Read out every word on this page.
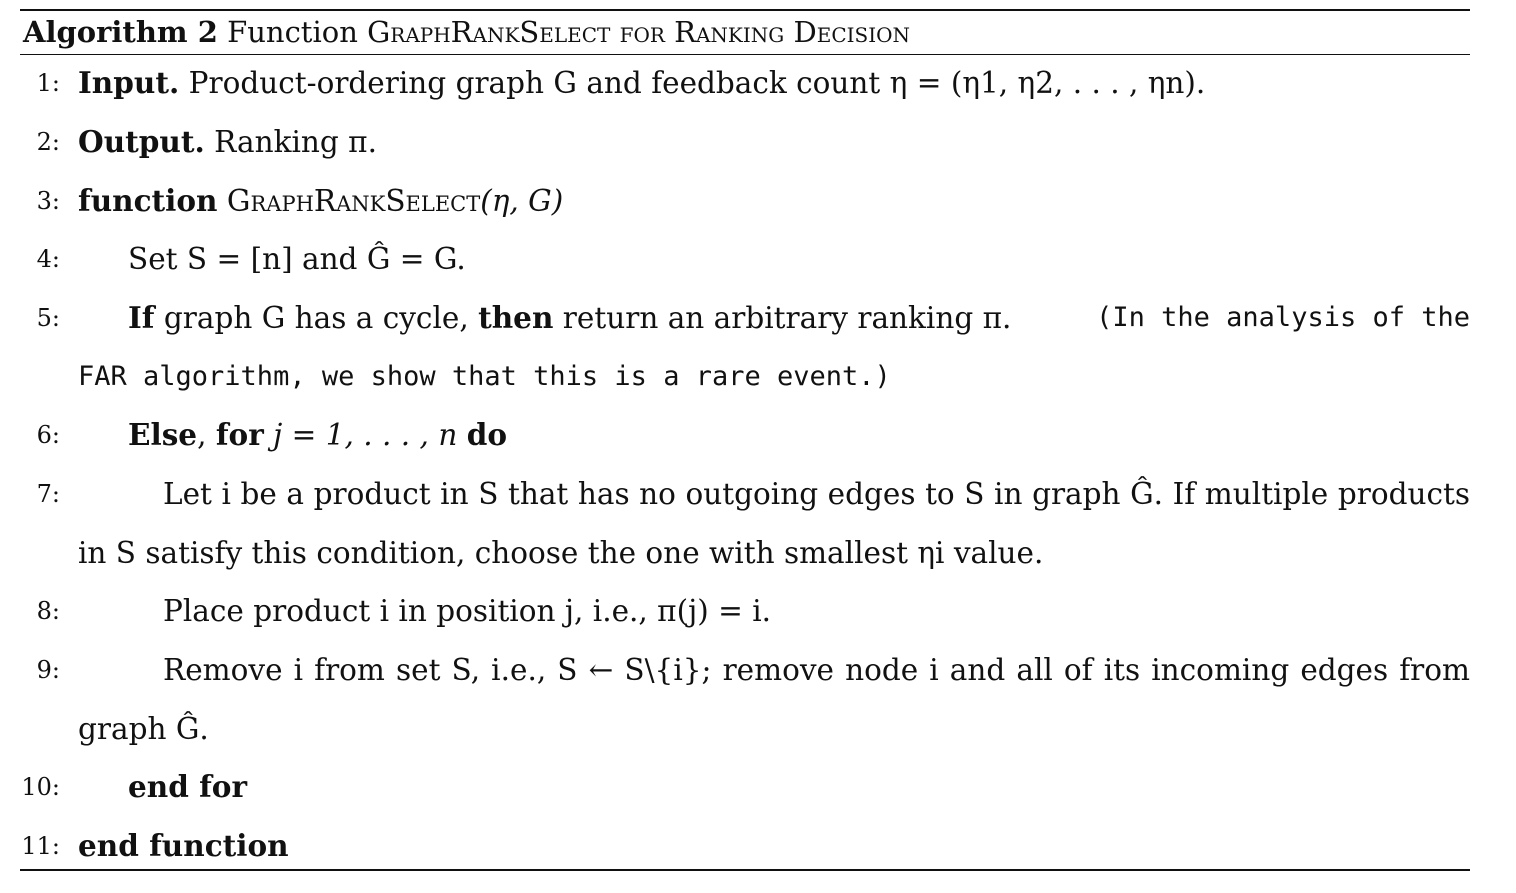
Algorithm 2 Function GraphRankSelect for Ranking Decision
1: Input. Product-ordering graph G and feedback count η = (η1, η2, . . . , ηn).
2: Output. Ranking π.
3: function GraphRankSelect(η, G)
4: Set S = [n] and Ĝ = G.
5: If graph G has a cycle, then return an arbitrary ranking π.	(In the analysis of the
FAR algorithm, we show that this is a rare event.)
6: Else, for j = 1, . . . , n do
7:	Let i be a product in S that has no outgoing edges to S in graph Ĝ. If multiple products
in S satisfy this condition, choose the one with smallest ηi value.
8:	Place product i in position j, i.e., π(j) = i.
9:	Remove i from set S, i.e., S ← S\{i}; remove node i and all of its incoming edges from
graph Ĝ.
10: end for
11: end function
